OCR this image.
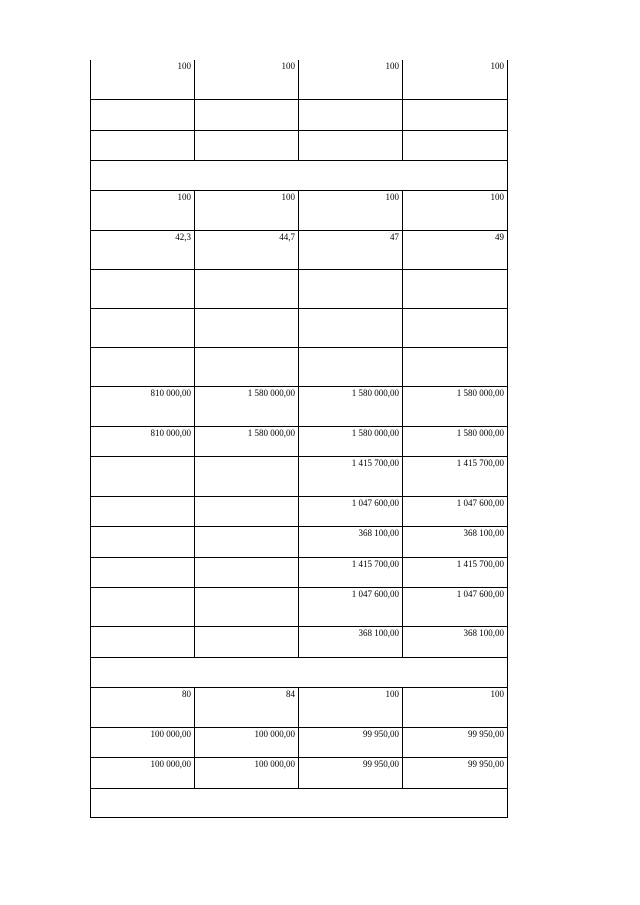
100	100	100	100

100	100	100	100
42,3	44,7	47	49

810 000,00	1 580 000,00	1 580 000,00	1 580 000,00
810 000,00	1 580 000,00	1 580 000,00	1 580 000,00
		1 415 700,00	1 415 700,00
		1 047 600,00	1 047 600,00
		368 100,00	368 100,00
		1 415 700,00	1 415 700,00
		1 047 600,00	1 047 600,00
		368 100,00	368 100,00

80	84	100	100
100 000,00	100 000,00	99 950,00	99 950,00
100 000,00	100 000,00	99 950,00	99 950,00
